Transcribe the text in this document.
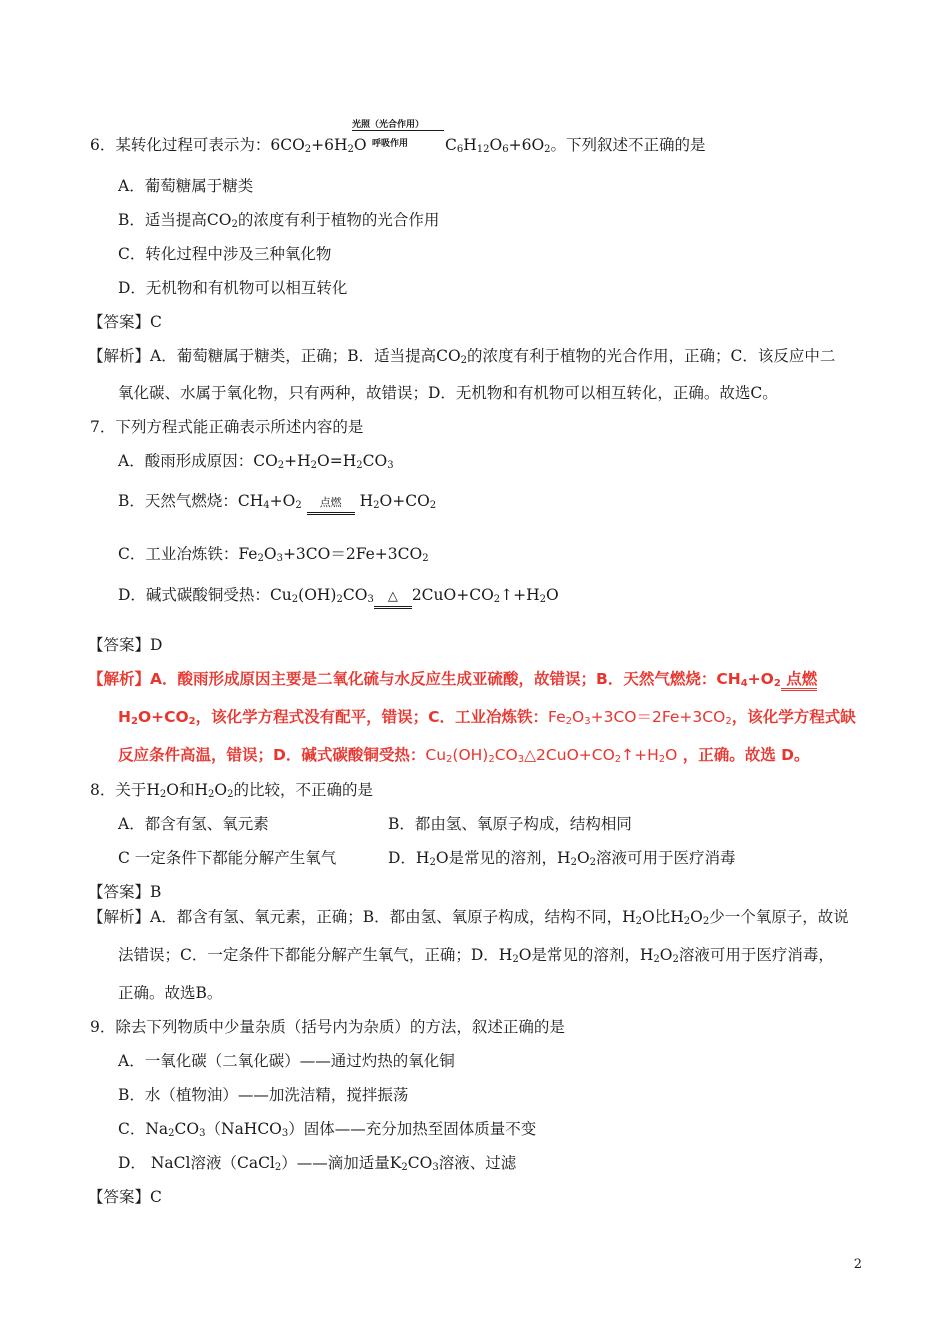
6．某转化过程可表示为：$6CO_2+6H_2O$
光照（光合作用）
呼吸作用 $C_6H_{12}O_6+6O_2$。下列叙述不正确的是
A．葡萄糖属于糖类
B．适当提高$CO_2$的浓度有利于植物的光合作用
C．转化过程中涉及三种氧化物
D．无机物和有机物可以相互转化
【答案】C
【解析】A．葡萄糖属于糖类，正确；B．适当提高$CO_2$的浓度有利于植物的光合作用，正确；C．该反应中二
氧化碳、水属于氧化物，只有两种，故错误；D．无机物和有机物可以相互转化，正确。故选C。
7．下列方程式能正确表示所述内容的是
A．酸雨形成原因：$CO_2+H_2O=H_2CO_3$
B．天然气燃烧：$CH_4+O_2$ 点燃 $H_2O+CO_2$
C．工业冶炼铁：$Fe_2O_3+3CO=2Fe+3CO_2$
D．碱式碳酸铜受热：$Cu_2(OH)_2CO_3$ △ $2CuO+CO_2↑+H_2O$
【答案】D
【解析】A．酸雨形成原因主要是二氧化硫与水反应生成亚硫酸，故错误；B．天然气燃烧：$CH_4+O_2$ 点燃
$H_2O+CO_2$，该化学方程式没有配平，错误；C．工业冶炼铁：$Fe_2O_3+3CO=2Fe+3CO_2$，该化学方程式缺
反应条件高温，错误；D．碱式碳酸铜受热：$Cu_2(OH)_2CO_3\triangle 2CuO+CO_2↑+H_2O$ ，正确。故选 D。
8．关于$H_2O$和$H_2O_2$的比较，不正确的是
A．都含有氢、氧元素	B．都由氢、氧原子构成，结构相同
C 一定条件下都能分解产生氧气	D．$H_2O$是常见的溶剂，$H_2O_2$溶液可用于医疗消毒
【答案】B
【解析】A．都含有氢、氧元素，正确；B．都由氢、氧原子构成，结构不同，$H_2O$比$H_2O_2$少一个氧原子，故说
法错误；C．一定条件下都能分解产生氧气，正确；D．$H_2O$是常见的溶剂，$H_2O_2$溶液可用于医疗消毒，
正确。故选B。
9．除去下列物质中少量杂质（括号内为杂质）的方法，叙述正确的是
A．一氧化碳（二氧化碳）——通过灼热的氧化铜
B．水（植物油）——加洗洁精，搅拌振荡
C．$Na_2CO_3(NaHCO_3)$固体——充分加热至固体质量不变
D． NaCl溶液（CaCl$_2$）——滴加适量$K_2CO_3$溶液、过滤
【答案】C
2
